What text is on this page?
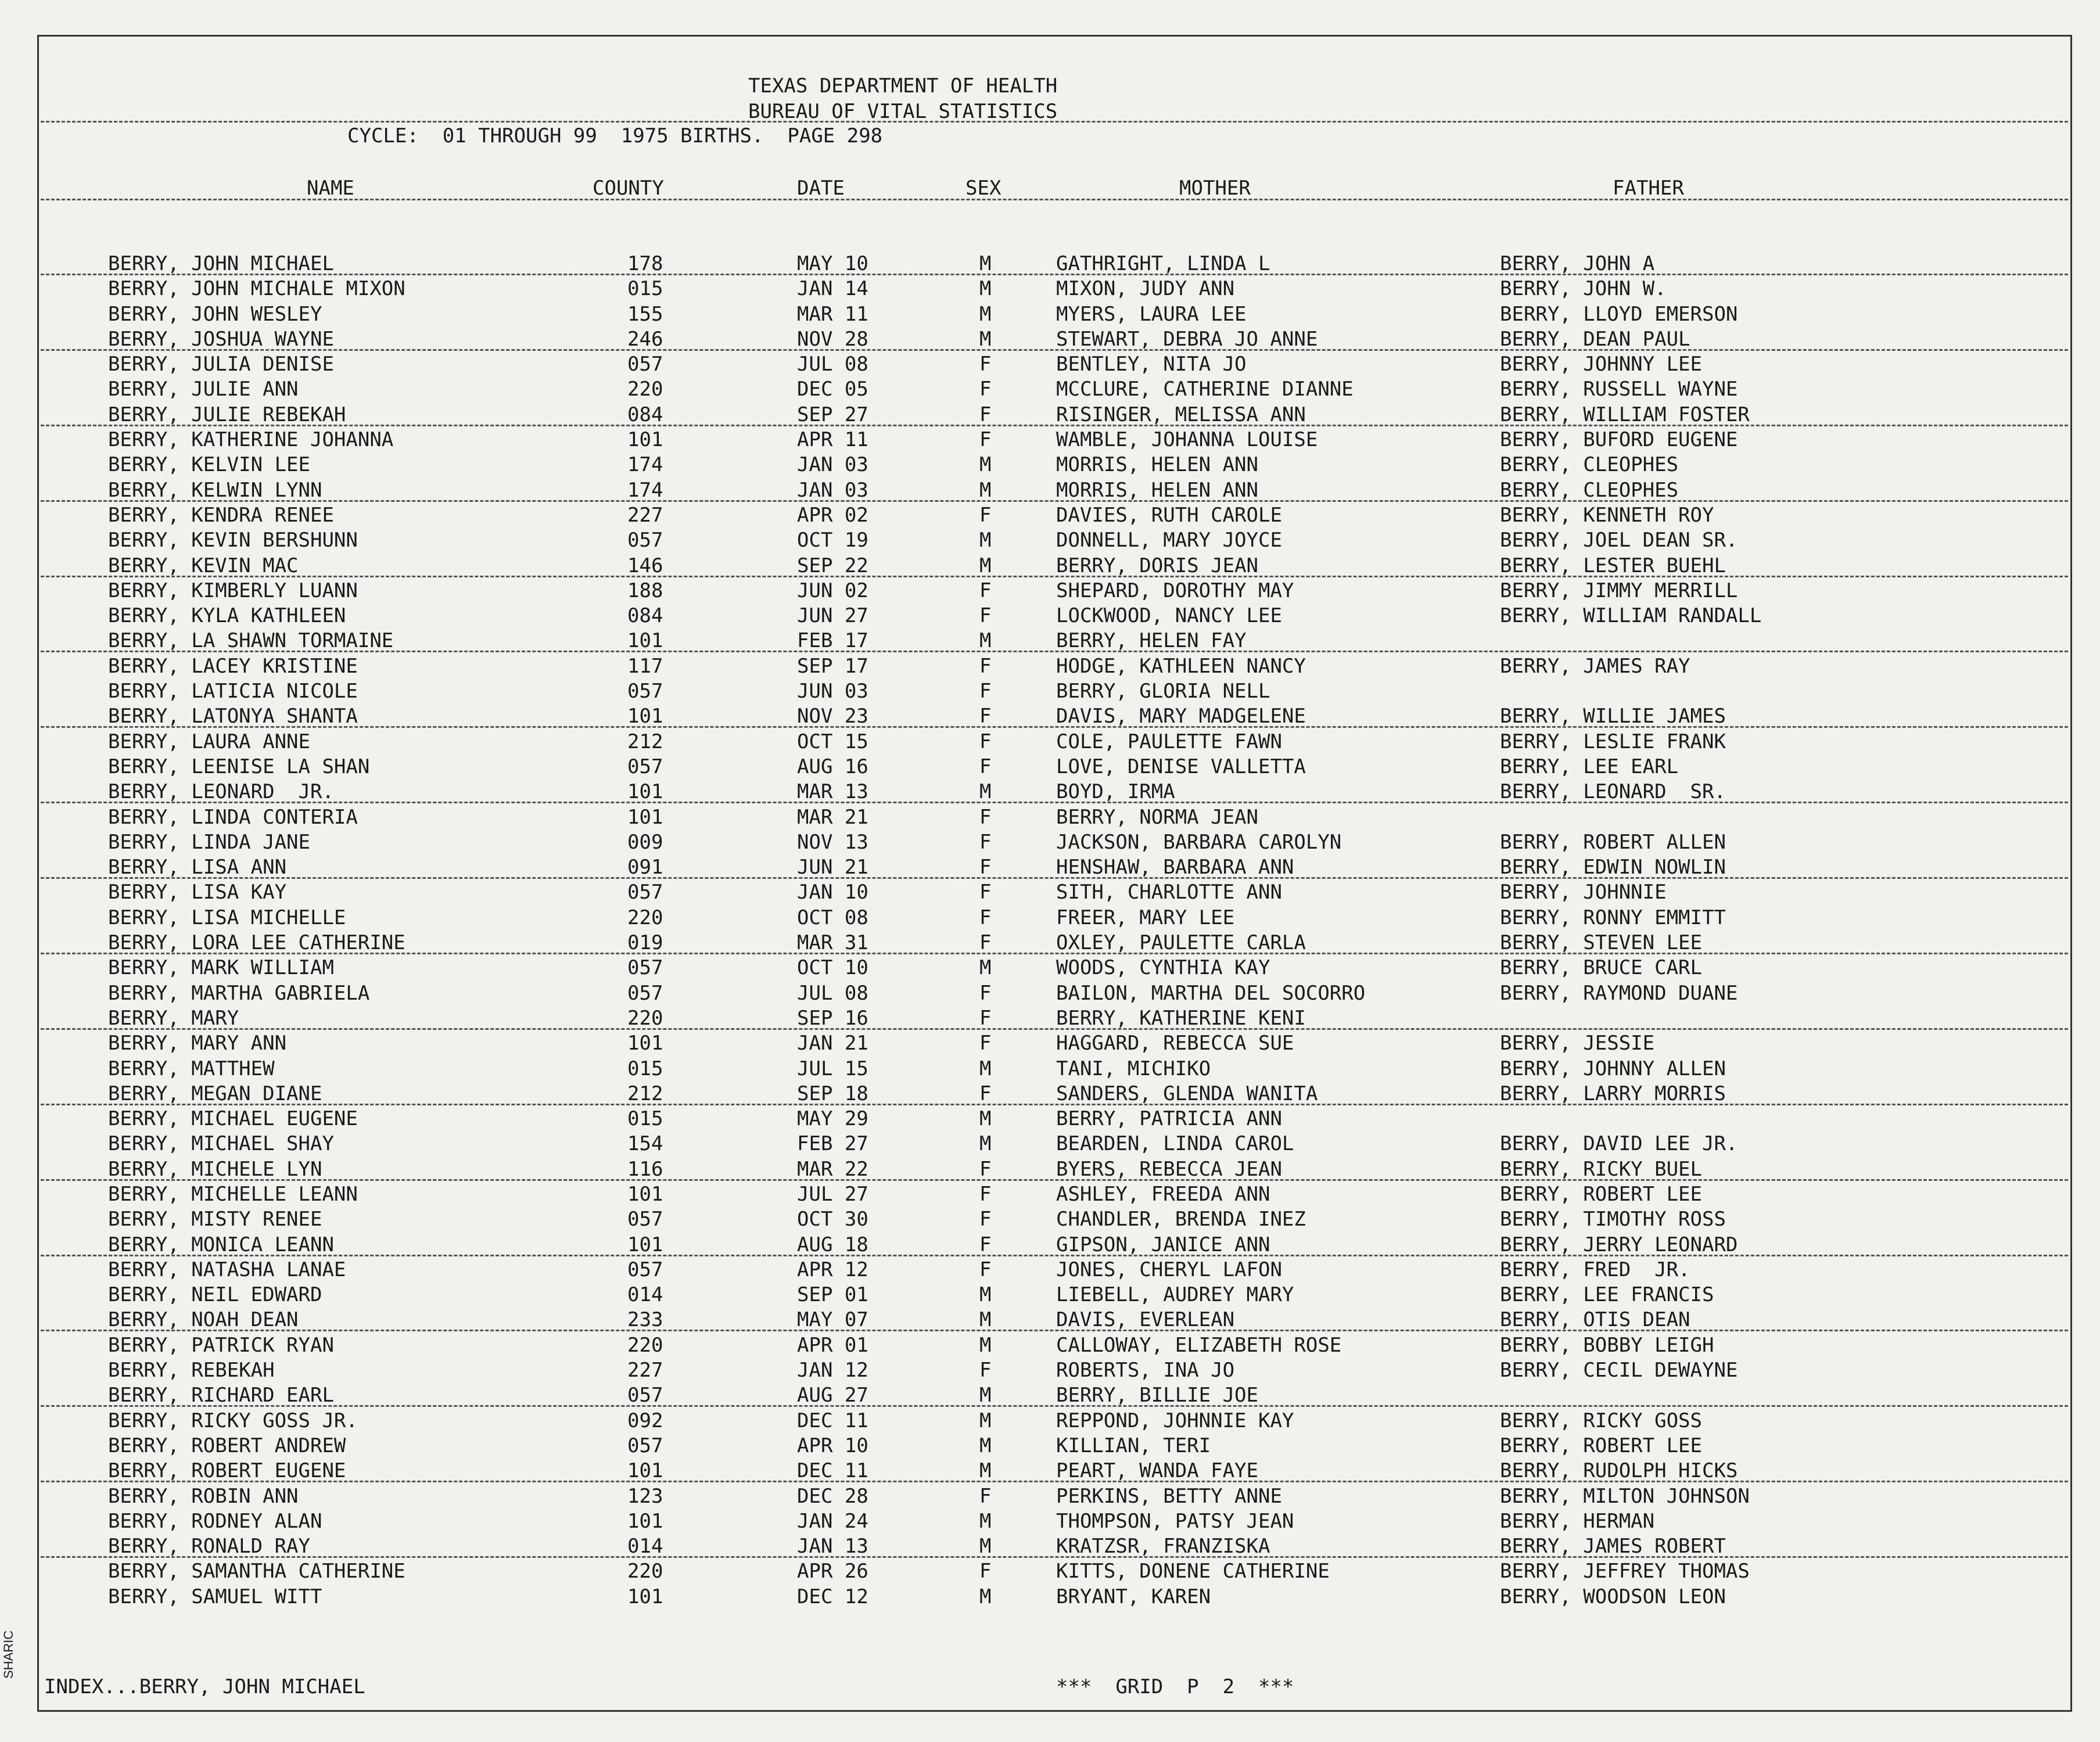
TEXAS DEPARTMENT OF HEALTH
BUREAU OF VITAL STATISTICS
CYCLE:  01 THROUGH 99  1975 BIRTHS.  PAGE 298
NAME	COUNTY	DATE	SEX	MOTHER	FATHER
BERRY, JOHN MICHAEL	178	MAY 10	M	GATHRIGHT, LINDA L	BERRY, JOHN A
BERRY, JOHN MICHALE MIXON	015	JAN 14	M	MIXON, JUDY ANN	BERRY, JOHN W.
BERRY, JOHN WESLEY	155	MAR 11	M	MYERS, LAURA LEE	BERRY, LLOYD EMERSON
BERRY, JOSHUA WAYNE	246	NOV 28	M	STEWART, DEBRA JO ANNE	BERRY, DEAN PAUL
BERRY, JULIA DENISE	057	JUL 08	F	BENTLEY, NITA JO	BERRY, JOHNNY LEE
BERRY, JULIE ANN	220	DEC 05	F	MCCLURE, CATHERINE DIANNE	BERRY, RUSSELL WAYNE
BERRY, JULIE REBEKAH	084	SEP 27	F	RISINGER, MELISSA ANN	BERRY, WILLIAM FOSTER
BERRY, KATHERINE JOHANNA	101	APR 11	F	WAMBLE, JOHANNA LOUISE	BERRY, BUFORD EUGENE
BERRY, KELVIN LEE	174	JAN 03	M	MORRIS, HELEN ANN	BERRY, CLEOPHES
BERRY, KELWIN LYNN	174	JAN 03	M	MORRIS, HELEN ANN	BERRY, CLEOPHES
BERRY, KENDRA RENEE	227	APR 02	F	DAVIES, RUTH CAROLE	BERRY, KENNETH ROY
BERRY, KEVIN BERSHUNN	057	OCT 19	M	DONNELL, MARY JOYCE	BERRY, JOEL DEAN SR.
BERRY, KEVIN MAC	146	SEP 22	M	BERRY, DORIS JEAN	BERRY, LESTER BUEHL
BERRY, KIMBERLY LUANN	188	JUN 02	F	SHEPARD, DOROTHY MAY	BERRY, JIMMY MERRILL
BERRY, KYLA KATHLEEN	084	JUN 27	F	LOCKWOOD, NANCY LEE	BERRY, WILLIAM RANDALL
BERRY, LA SHAWN TORMAINE	101	FEB 17	M	BERRY, HELEN FAY
BERRY, LACEY KRISTINE	117	SEP 17	F	HODGE, KATHLEEN NANCY	BERRY, JAMES RAY
BERRY, LATICIA NICOLE	057	JUN 03	F	BERRY, GLORIA NELL
BERRY, LATONYA SHANTA	101	NOV 23	F	DAVIS, MARY MADGELENE	BERRY, WILLIE JAMES
BERRY, LAURA ANNE	212	OCT 15	F	COLE, PAULETTE FAWN	BERRY, LESLIE FRANK
BERRY, LEENISE LA SHAN	057	AUG 16	F	LOVE, DENISE VALLETTA	BERRY, LEE EARL
BERRY, LEONARD  JR.	101	MAR 13	M	BOYD, IRMA	BERRY, LEONARD  SR.
BERRY, LINDA CONTERIA	101	MAR 21	F	BERRY, NORMA JEAN
BERRY, LINDA JANE	009	NOV 13	F	JACKSON, BARBARA CAROLYN	BERRY, ROBERT ALLEN
BERRY, LISA ANN	091	JUN 21	F	HENSHAW, BARBARA ANN	BERRY, EDWIN NOWLIN
BERRY, LISA KAY	057	JAN 10	F	SITH, CHARLOTTE ANN	BERRY, JOHNNIE
BERRY, LISA MICHELLE	220	OCT 08	F	FREER, MARY LEE	BERRY, RONNY EMMITT
BERRY, LORA LEE CATHERINE	019	MAR 31	F	OXLEY, PAULETTE CARLA	BERRY, STEVEN LEE
BERRY, MARK WILLIAM	057	OCT 10	M	WOODS, CYNTHIA KAY	BERRY, BRUCE CARL
BERRY, MARTHA GABRIELA	057	JUL 08	F	BAILON, MARTHA DEL SOCORRO	BERRY, RAYMOND DUANE
BERRY, MARY	220	SEP 16	F	BERRY, KATHERINE KENI
BERRY, MARY ANN	101	JAN 21	F	HAGGARD, REBECCA SUE	BERRY, JESSIE
BERRY, MATTHEW	015	JUL 15	M	TANI, MICHIKO	BERRY, JOHNNY ALLEN
BERRY, MEGAN DIANE	212	SEP 18	F	SANDERS, GLENDA WANITA	BERRY, LARRY MORRIS
BERRY, MICHAEL EUGENE	015	MAY 29	M	BERRY, PATRICIA ANN
BERRY, MICHAEL SHAY	154	FEB 27	M	BEARDEN, LINDA CAROL	BERRY, DAVID LEE JR.
BERRY, MICHELE LYN	116	MAR 22	F	BYERS, REBECCA JEAN	BERRY, RICKY BUEL
BERRY, MICHELLE LEANN	101	JUL 27	F	ASHLEY, FREEDA ANN	BERRY, ROBERT LEE
BERRY, MISTY RENEE	057	OCT 30	F	CHANDLER, BRENDA INEZ	BERRY, TIMOTHY ROSS
BERRY, MONICA LEANN	101	AUG 18	F	GIPSON, JANICE ANN	BERRY, JERRY LEONARD
BERRY, NATASHA LANAE	057	APR 12	F	JONES, CHERYL LAFON	BERRY, FRED  JR.
BERRY, NEIL EDWARD	014	SEP 01	M	LIEBELL, AUDREY MARY	BERRY, LEE FRANCIS
BERRY, NOAH DEAN	233	MAY 07	M	DAVIS, EVERLEAN	BERRY, OTIS DEAN
BERRY, PATRICK RYAN	220	APR 01	M	CALLOWAY, ELIZABETH ROSE	BERRY, BOBBY LEIGH
BERRY, REBEKAH	227	JAN 12	F	ROBERTS, INA JO	BERRY, CECIL DEWAYNE
BERRY, RICHARD EARL	057	AUG 27	M	BERRY, BILLIE JOE
BERRY, RICKY GOSS JR.	092	DEC 11	M	REPPOND, JOHNNIE KAY	BERRY, RICKY GOSS
BERRY, ROBERT ANDREW	057	APR 10	M	KILLIAN, TERI	BERRY, ROBERT LEE
BERRY, ROBERT EUGENE	101	DEC 11	M	PEART, WANDA FAYE	BERRY, RUDOLPH HICKS
BERRY, ROBIN ANN	123	DEC 28	F	PERKINS, BETTY ANNE	BERRY, MILTON JOHNSON
BERRY, RODNEY ALAN	101	JAN 24	M	THOMPSON, PATSY JEAN	BERRY, HERMAN
BERRY, RONALD RAY	014	JAN 13	M	KRATZSR, FRANZISKA	BERRY, JAMES ROBERT
BERRY, SAMANTHA CATHERINE	220	APR 26	F	KITTS, DONENE CATHERINE	BERRY, JEFFREY THOMAS
BERRY, SAMUEL WITT	101	DEC 12	M	BRYANT, KAREN	BERRY, WOODSON LEON
INDEX...BERRY, JOHN MICHAEL	***  GRID  P  2  ***
SHARIC
